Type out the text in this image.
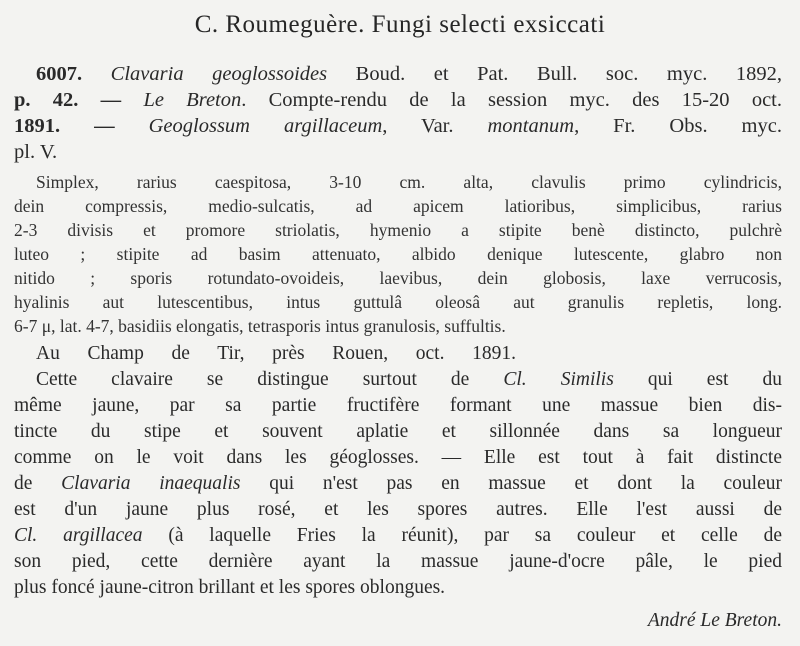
C. Roumeguère. Fungi selecti exsiccati
6007. Clavaria geoglossoides Boud. et Pat. Bull. soc. myc. 1892,
p. 42. — Le Breton. Compte-rendu de la session myc. des 15-20 oct.
1891. — Geoglossum argillaceum, Var. montanum, Fr. Obs. myc.
pl. V.
Simplex, rarius caespitosa, 3-10 cm. alta, clavulis primo cylindricis,
dein compressis, medio-sulcatis, ad apicem latioribus, simplicibus, rarius
2-3 divisis et promore striolatis, hymenio a stipite benè distincto, pulchrè
luteo ; stipite ad basim attenuato, albido denique lutescente, glabro non
nitido ; sporis rotundato-ovoideis, laevibus, dein globosis, laxe verrucosis,
hyalinis aut lutescentibus, intus guttulâ oleosâ aut granulis repletis, long.
6-7 μ, lat. 4-7, basidiis elongatis, tetrasporis intus granulosis, suffultis.
Au Champ de Tir, près Rouen, oct. 1891.
Cette clavaire se distingue surtout de Cl. Similis qui est du
même jaune, par sa partie fructifère formant une massue bien dis-
tincte du stipe et souvent aplatie et sillonnée dans sa longueur
comme on le voit dans les géoglosses. — Elle est tout à fait distincte
de Clavaria inaequalis qui n'est pas en massue et dont la couleur
est d'un jaune plus rosé, et les spores autres. Elle l'est aussi de
Cl. argillacea (à laquelle Fries la réunit), par sa couleur et celle de
son pied, cette dernière ayant la massue jaune-d'ocre pâle, le pied
plus foncé jaune-citron brillant et les spores oblongues.
André Le Breton.
